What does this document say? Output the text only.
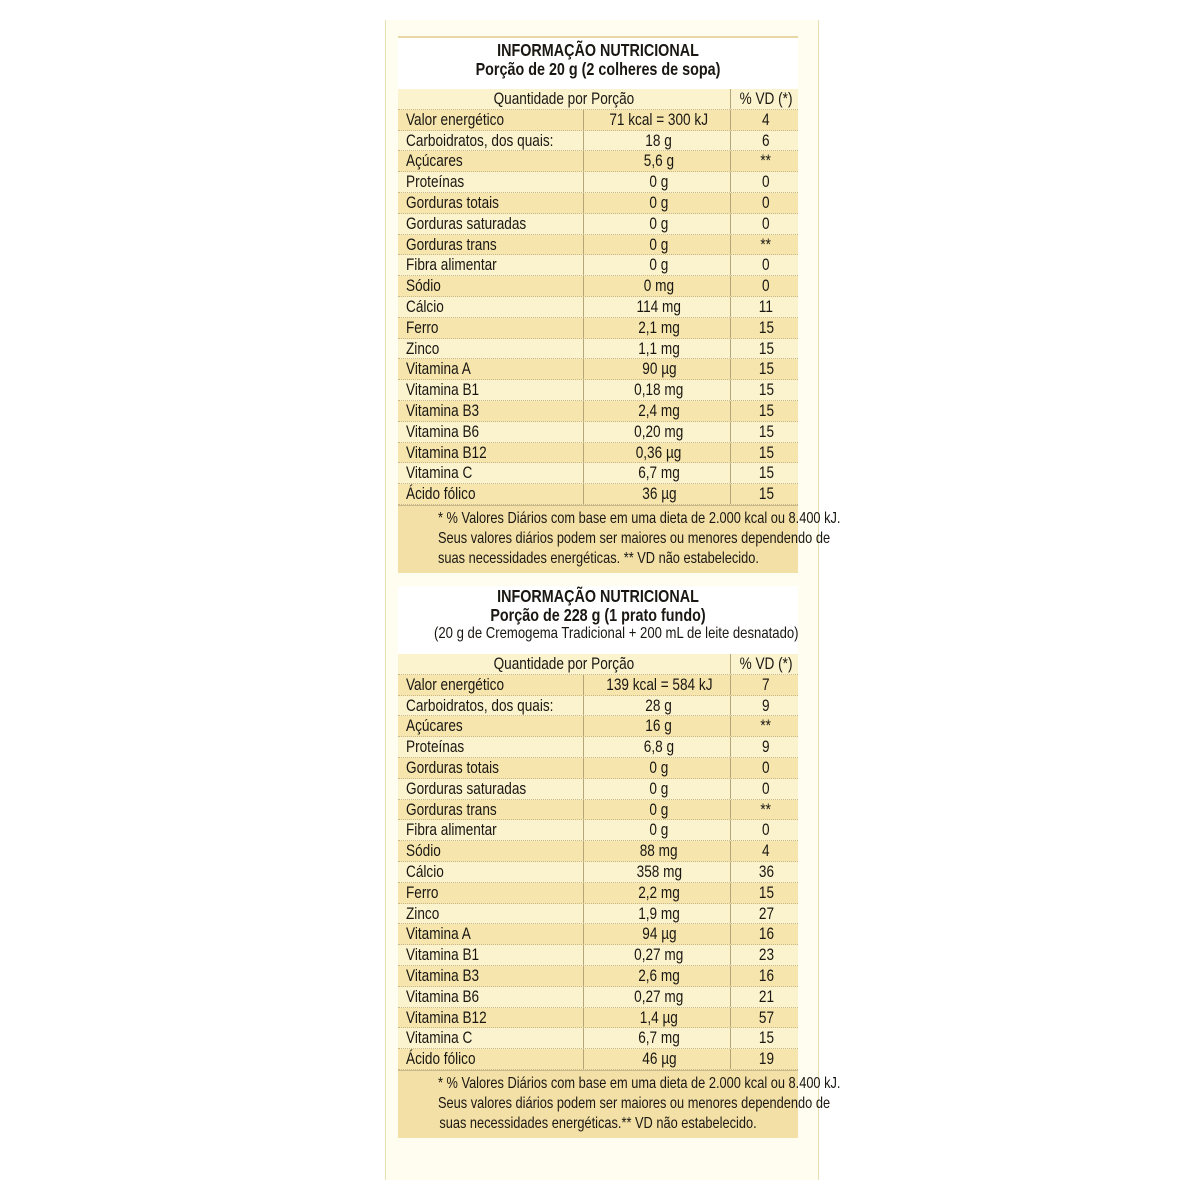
INFORMAÇÃO NUTRICIONAL
Porção de 20 g (2 colheres de sopa)
Quantidade por Porção	% VD (*)
Valor energético	71 kcal = 300 kJ	4
Carboidratos, dos quais:	18 g	6
Açúcares	5,6 g	**
Proteínas	0 g	0
Gorduras totais	0 g	0
Gorduras saturadas	0 g	0
Gorduras trans	0 g	**
Fibra alimentar	0 g	0
Sódio	0 mg	0
Cálcio	114 mg	11
Ferro	2,1 mg	15
Zinco	1,1 mg	15
Vitamina A	90 µg	15
Vitamina B1	0,18 mg	15
Vitamina B3	2,4 mg	15
Vitamina B6	0,20 mg	15
Vitamina B12	0,36 µg	15
Vitamina C	6,7 mg	15
Ácido fólico	36 µg	15
* % Valores Diários com base em uma dieta de 2.000 kcal ou 8.400 kJ.
Seus valores diários podem ser maiores ou menores dependendo de
suas necessidades energéticas. ** VD não estabelecido.
INFORMAÇÃO NUTRICIONAL
Porção de 228 g (1 prato fundo)
(20 g de Cremogema Tradicional + 200 mL de leite desnatado)
Quantidade por Porção	% VD (*)
Valor energético	139 kcal = 584 kJ	7
Carboidratos, dos quais:	28 g	9
Açúcares	16 g	**
Proteínas	6,8 g	9
Gorduras totais	0 g	0
Gorduras saturadas	0 g	0
Gorduras trans	0 g	**
Fibra alimentar	0 g	0
Sódio	88 mg	4
Cálcio	358 mg	36
Ferro	2,2 mg	15
Zinco	1,9 mg	27
Vitamina A	94 µg	16
Vitamina B1	0,27 mg	23
Vitamina B3	2,6 mg	16
Vitamina B6	0,27 mg	21
Vitamina B12	1,4 µg	57
Vitamina C	6,7 mg	15
Ácido fólico	46 µg	19
* % Valores Diários com base em uma dieta de 2.000 kcal ou 8.400 kJ.
Seus valores diários podem ser maiores ou menores dependendo de
suas necessidades energéticas.** VD não estabelecido.
